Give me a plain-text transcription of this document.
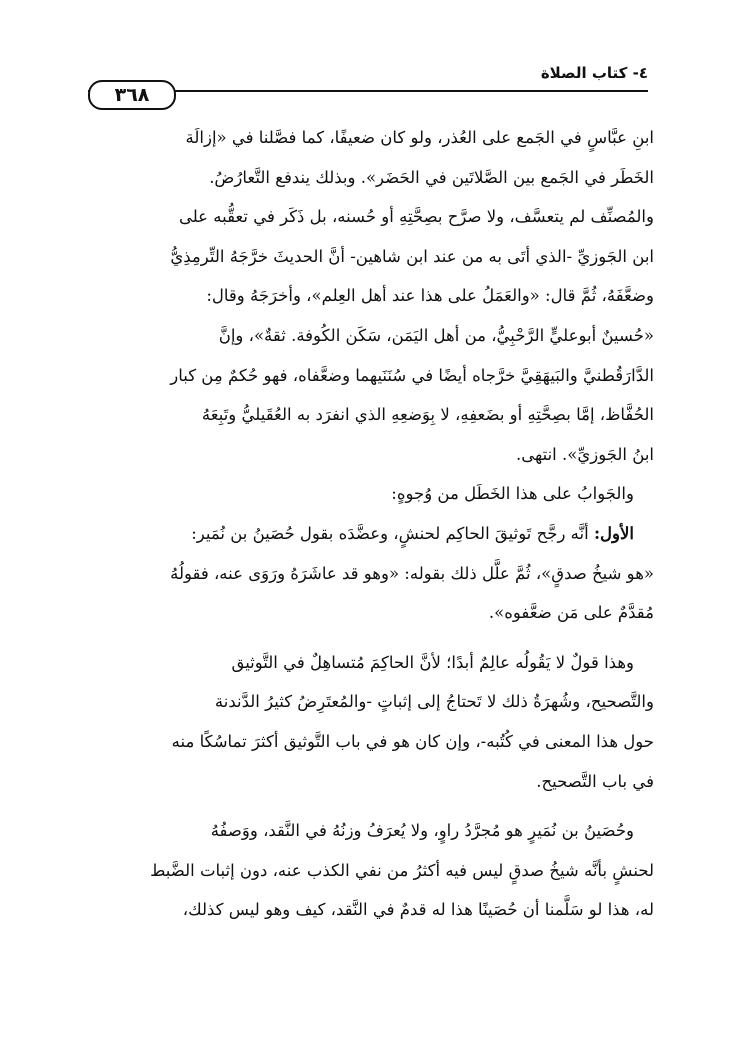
٤- كتاب الصلاة
٣٦٨
ابنِ عبَّاسٍ في الجَمع على العُذر، ولو كان ضعيفًا، كما فصَّلنا في «إزالَة
الخَطَر في الجَمع بين الصَّلاتَين في الحَضَر». وبذلك يندفع التَّعارُضُ.
والمُصنِّف لم يتعسَّف، ولا صرَّح بصِحَّتِهِ أو حُسنه، بل ذَكَر في تعقُّبه على
ابن الجَوزيِّ -الذي أتَى به من عند ابن شاهين- أنَّ الحديثَ خرَّجَهُ التِّرمِذِيُّ
وضعَّفَهُ، ثُمَّ قال: «والعَمَلُ على هذا عند أهل العِلم»، وأخرَجَهُ وقال:
«حُسينٌ أبوعليٍّ الرَّحْبِيُّ، من أهل اليَمَن، سَكَن الكُوفة. ثقةٌ»، وإنَّ
الدَّارَقُطنيَّ والبَيهَقِيَّ خرَّجاه أيضًا في سُنَنَيهما وضعَّفاه، فهو حُكمٌ مِن كبار
الحُفَّاظ، إمَّا بصِحَّتِهِ أو بضَعفِهِ، لا بِوَضعِهِ الذي انفرَد به العُقَيليُّ وتَبِعَهُ
ابنُ الجَوزيِّ». انتهى.
والجَوابُ على هذا الخَطَل من وُجوهٍ:
الأول: أنَّه رجَّح تَوثيقَ الحاكِم لحنشٍ، وعضَّدَه بقول حُصَينُ بن نُمَير:
«هو شيخُ صدقٍ»، ثُمَّ علَّل ذلك بقوله: «وهو قد عاشَرَهُ ورَوَى عنه، فقولُهُ
مُقدَّمٌ على مَن ضعَّفوه».
وهذا قولٌ لا يَقُولُه عالِمٌ أبدًا؛ لأنَّ الحاكِمَ مُتساهِلٌ في التَّوثيق
والتَّصحيح، وشُهرَةُ ذلك لا تَحتاجُ إلى إثباتٍ -والمُعتَرِضُ كثيرُ الدَّندنة
حول هذا المعنى في كُتُبه-، وإن كان هو في باب التَّوثيق أكثرَ تماسُكًا منه
في باب التَّصحيح.
وحُصَينُ بن نُمَيرٍ هو مُجرَّدُ راوٍ، ولا يُعرَفُ وزنُهُ في النَّقد، ووَصفُهُ
لحنشٍ بأنَّه شيخُ صدقٍ ليس فيه أكثرُ من نفي الكذب عنه، دون إثبات الضَّبط
له، هذا لو سَلَّمنا أن حُصَينًا هذا له قدمٌ في النَّقد، كيف وهو ليس كذلك،
